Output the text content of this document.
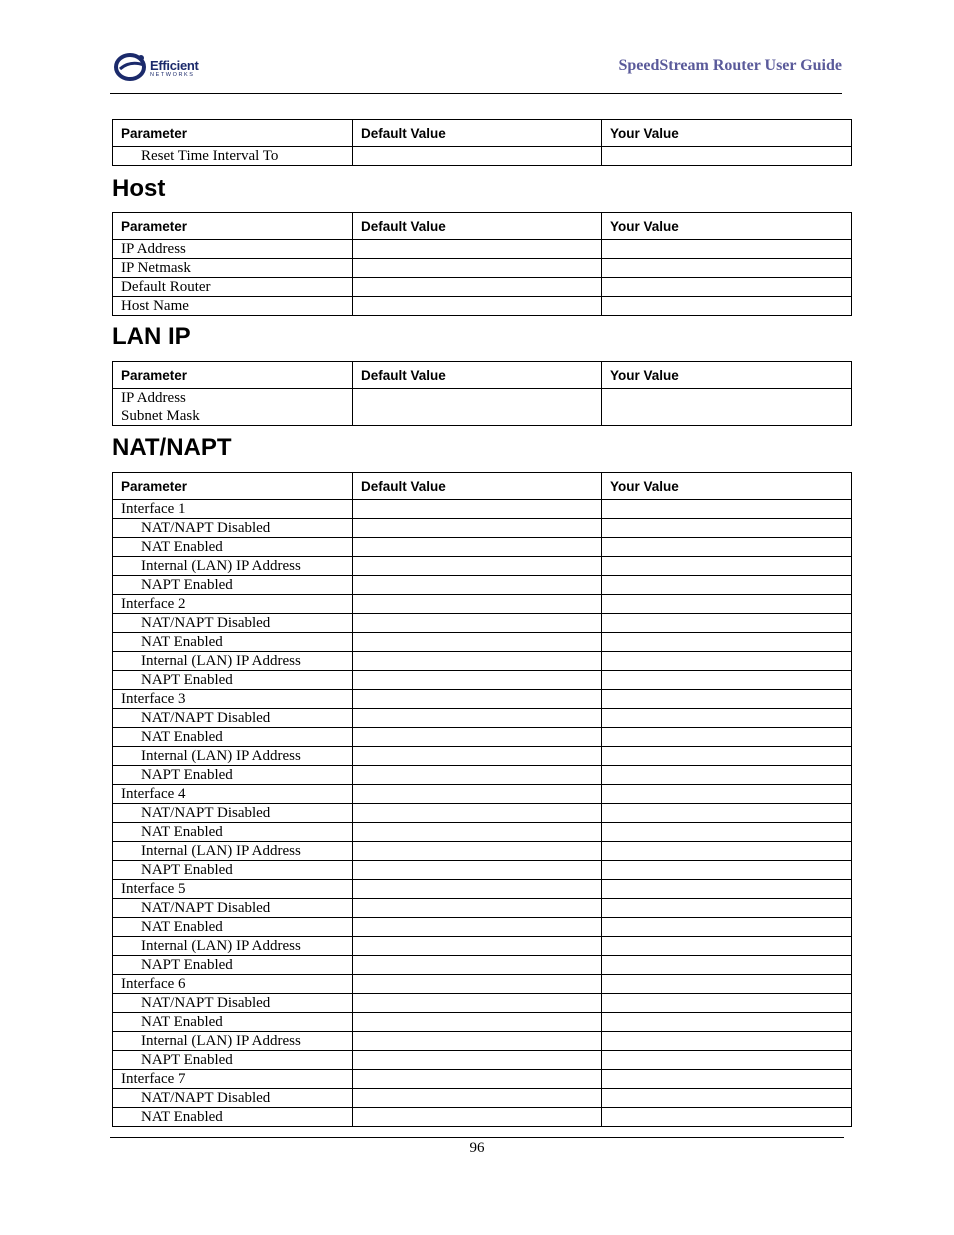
Efficient
NETWORKS
SpeedStream Router User Guide
Parameter	Default Value	Your Value
Reset Time Interval To		
Host
Parameter	Default Value	Your Value
IP Address		
IP Netmask		
Default Router		
Host Name		
LAN IP
Parameter	Default Value	Your Value

IP Address
Subnet Mask		

NAT/NAPT
Parameter	Default Value	Your Value
Interface 1		
NAT/NAPT Disabled		
NAT Enabled		
Internal (LAN) IP Address		
NAPT Enabled		
Interface 2		
NAT/NAPT Disabled		
NAT Enabled		
Internal (LAN) IP Address		
NAPT Enabled		
Interface 3		
NAT/NAPT Disabled		
NAT Enabled		
Internal (LAN) IP Address		
NAPT Enabled		
Interface 4		
NAT/NAPT Disabled		
NAT Enabled		
Internal (LAN) IP Address		
NAPT Enabled		
Interface 5		
NAT/NAPT Disabled		
NAT Enabled		
Internal (LAN) IP Address		
NAPT Enabled		
Interface 6		
NAT/NAPT Disabled		
NAT Enabled		
Internal (LAN) IP Address		
NAPT Enabled		
Interface 7		
NAT/NAPT Disabled		
NAT Enabled		
96
